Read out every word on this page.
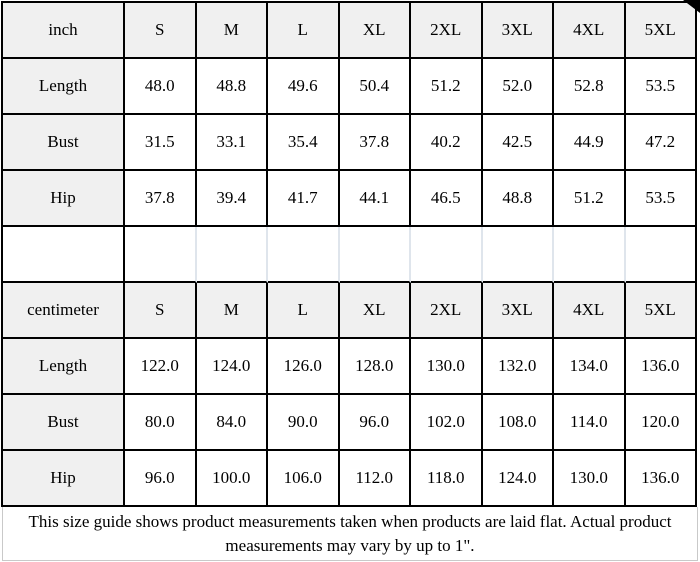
inch	S	M	L	XL	2XL	3XL	4XL	5XL
Length	48.0	48.8	49.6	50.4	51.2	52.0	52.8	53.5
Bust	31.5	33.1	35.4	37.8	40.2	42.5	44.9	47.2
Hip	37.8	39.4	41.7	44.1	46.5	48.8	51.2	53.5

centimeter	S	M	L	XL	2XL	3XL	4XL	5XL
Length	122.0	124.0	126.0	128.0	130.0	132.0	134.0	136.0
Bust	80.0	84.0	90.0	96.0	102.0	108.0	114.0	120.0
Hip	96.0	100.0	106.0	112.0	118.0	124.0	130.0	136.0
This size guide shows product measurements taken when products are laid flat. Actual product
measurements may vary by up to 1".
